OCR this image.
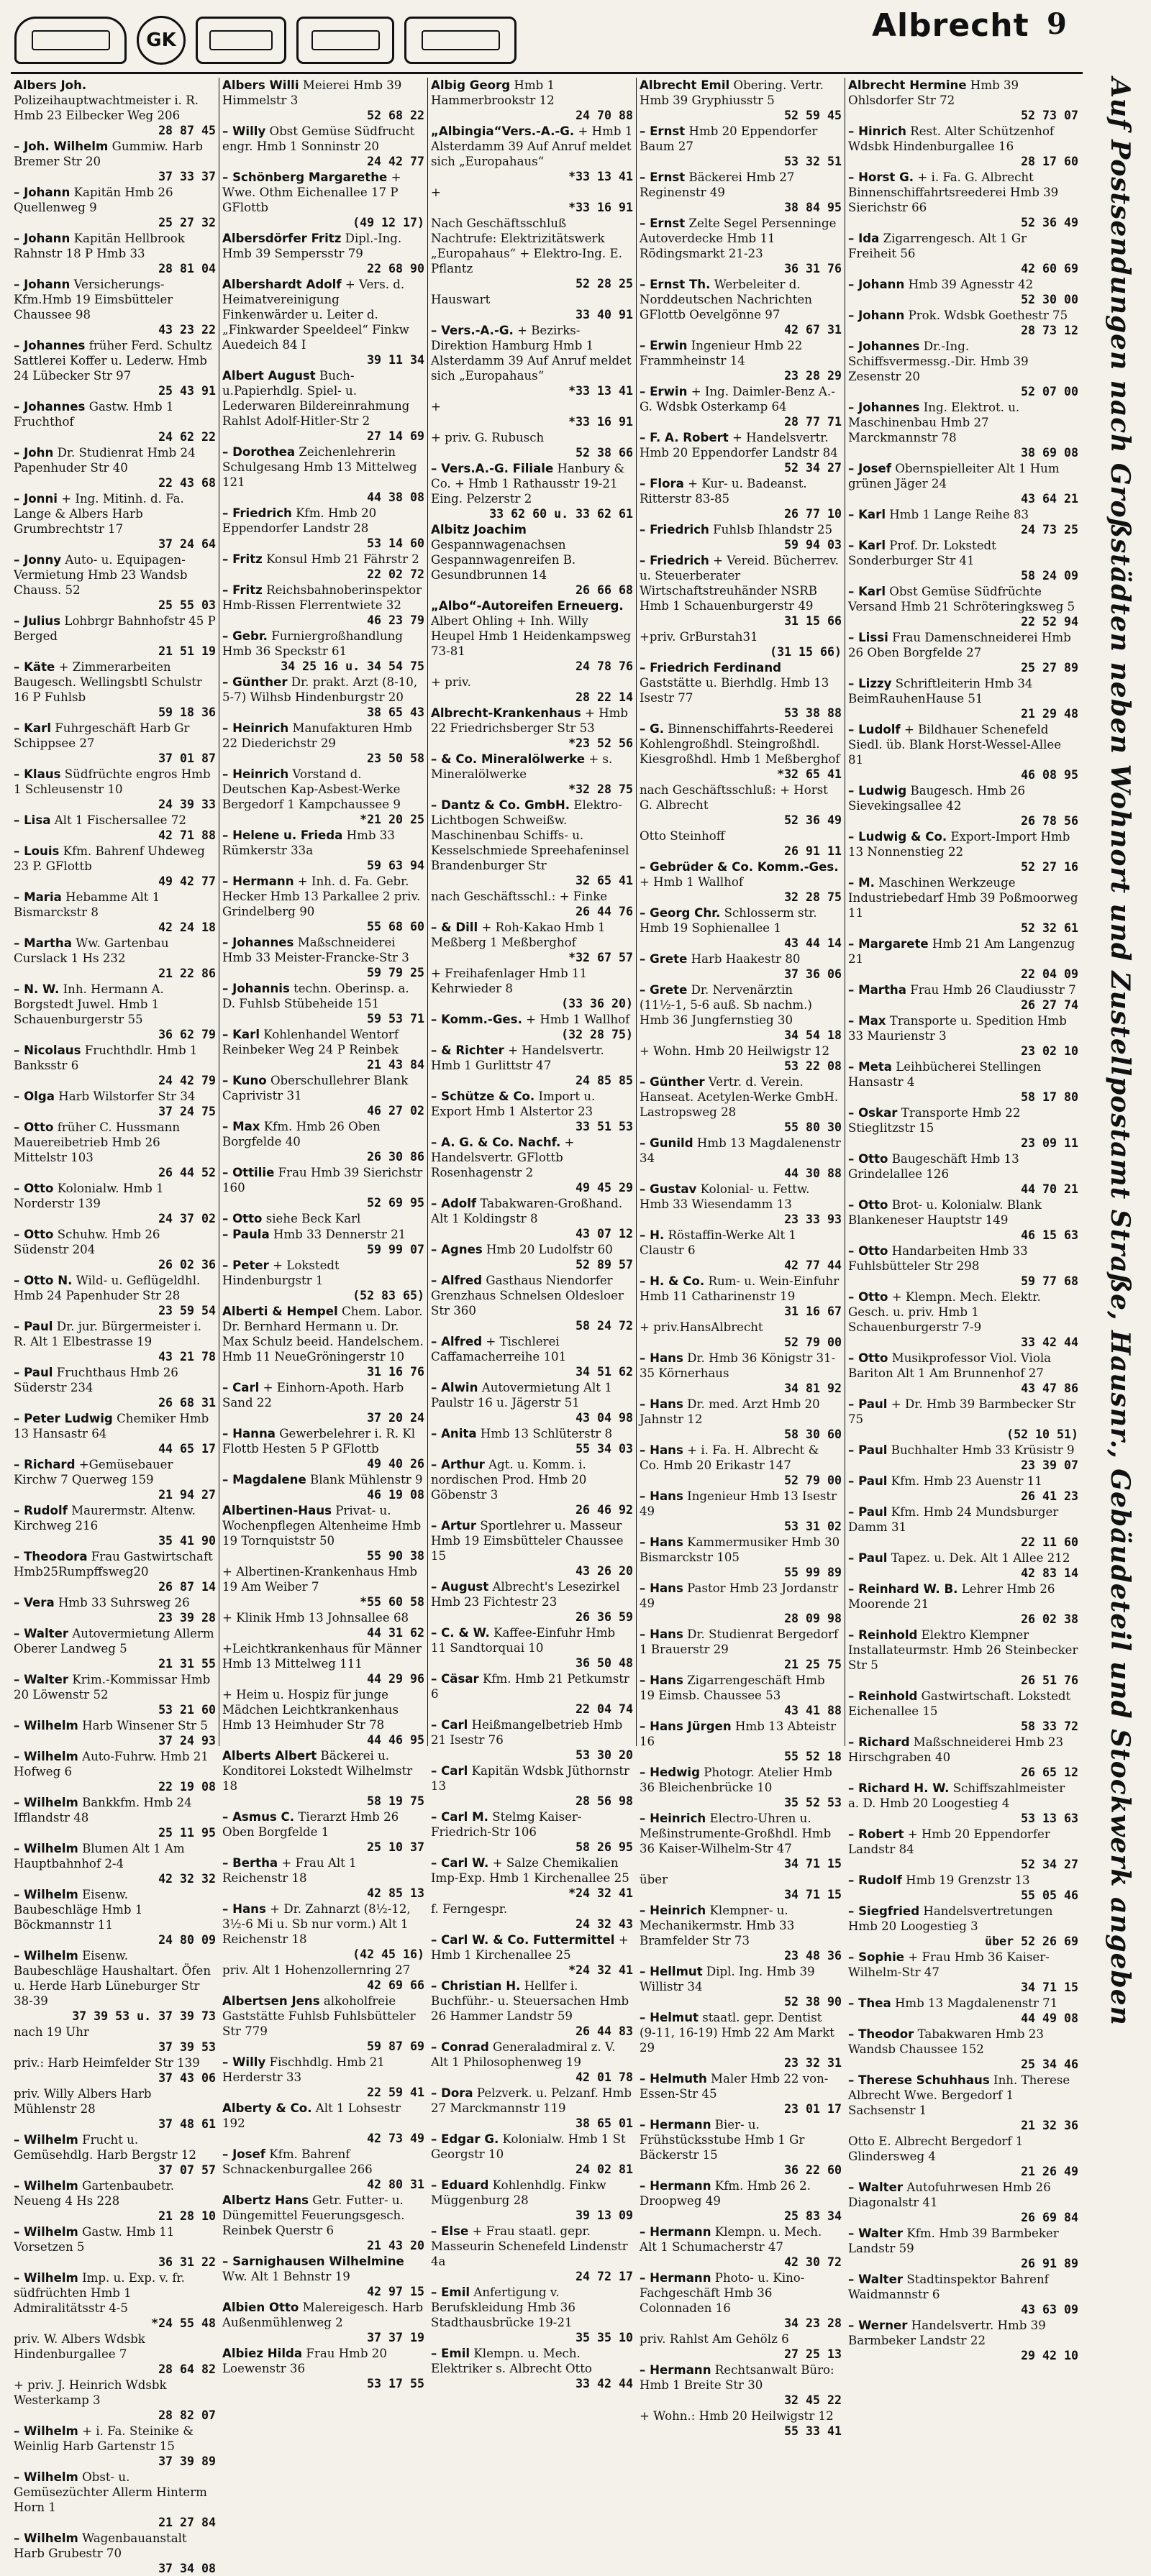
GK	Albrecht 9
Albers Joh. Polizeihauptwachtmeister i. R. Hmb 23 Eilbecker Weg 206
28 87 45
– Joh. Wilhelm Gummiw. Harb Bremer Str 20
37 33 37
– Johann Kapitän Hmb 26 Quellenweg 9
25 27 32
– Johann Kapitän Hellbrook Rahnstr 18 P Hmb 33
28 81 04
– Johann Versicherungs-Kfm.Hmb 19 Eimsbütteler Chaussee 98
43 23 22
– Johannes früher Ferd. Schultz Sattlerei Koffer u. Lederw. Hmb 24 Lübecker Str 97
25 43 91
– Johannes Gastw. Hmb 1 Fruchthof
24 62 22
– John Dr. Studienrat Hmb 24 Papenhuder Str 40
22 43 68
– Jonni + Ing. Mitinh. d. Fa. Lange & Albers Harb Grumbrechtstr 17
37 24 64
– Jonny Auto- u. Equipagen-Vermietung Hmb 23 Wandsb Chauss. 52
25 55 03
– Julius Lohbrgr Bahnhofstr 45 P Berged
21 51 19
– Käte + Zimmerarbeiten Baugesch. Wellingsbtl Schulstr 16 P Fuhlsb
59 18 36
– Karl Fuhrgeschäft Harb Gr Schippsee 27
37 01 87
– Klaus Südfrüchte engros Hmb 1 Schleusenstr 10
24 39 33
– Lisa Alt 1 Fischersallee 72
42 71 88
– Louis Kfm. Bahrenf Uhdeweg 23 P. GFlottb
49 42 77
– Maria Hebamme Alt 1 Bismarckstr 8
42 24 18
– Martha Ww. Gartenbau Curslack 1 Hs 232
21 22 86
– N. W. Inh. Hermann A. Borgstedt Juwel. Hmb 1 Schauenburgerstr 55
36 62 79
– Nicolaus Fruchthdlr. Hmb 1 Banksstr 6
24 42 79
– Olga Harb Wilstorfer Str 34
37 24 75
– Otto früher C. Hussmann Mauereibetrieb Hmb 26 Mittelstr 103
26 44 52
– Otto Kolonialw. Hmb 1 Norderstr 139
24 37 02
– Otto Schuhw. Hmb 26 Südenstr 204
26 02 36
– Otto N. Wild- u. Geflügeldhl. Hmb 24 Papenhuder Str 28
23 59 54
– Paul Dr. jur. Bürgermeister i. R. Alt 1 Elbestrasse 19
43 21 78
– Paul Fruchthaus Hmb 26 Süderstr 234
26 68 31
– Peter Ludwig Chemiker Hmb 13 Hansastr 64
44 65 17
– Richard +Gemüsebauer Kirchw 7 Querweg 159
21 94 27
– Rudolf Maurermstr. Altenw. Kirchweg 216
35 41 90
– Theodora Frau Gastwirtschaft Hmb25Rumpffsweg20
26 87 14
– Vera Hmb 33 Suhrsweg 26
23 39 28
– Walter Autovermietung Allerm Oberer Landweg 5
21 31 55
– Walter Krim.-Kommissar Hmb 20 Löwenstr 52
53 21 60
– Wilhelm Harb Winsener Str 5
37 24 93
– Wilhelm Auto-Fuhrw. Hmb 21 Hofweg 6
22 19 08
– Wilhelm Bankkfm. Hmb 24 Ifflandstr 48
25 11 95
– Wilhelm Blumen Alt 1 Am Hauptbahnhof 2-4
42 32 32
– Wilhelm Eisenw. Baubeschläge Hmb 1 Böckmannstr 11
24 80 09
– Wilhelm Eisenw. Baubeschläge Haushaltart. Öfen u. Herde Harb Lüneburger Str 38-39
37 39 53 u. 37 39 73
nach 19 Uhr
37 39 53
priv.: Harb Heimfelder Str 139
37 43 06
priv. Willy Albers Harb Mühlenstr 28
37 48 61
– Wilhelm Frucht u. Gemüsehdlg. Harb Bergstr 12
37 07 57
– Wilhelm Gartenbaubetr. Neueng 4 Hs 228
21 28 10
– Wilhelm Gastw. Hmb 11 Vorsetzen 5
36 31 22
– Wilhelm Imp. u. Exp. v. fr. südfrüchten Hmb 1 Admiralitätsstr 4-5
*24 55 48
priv. W. Albers Wdsbk Hindenburgallee 7
28 64 82
+ priv. J. Heinrich Wdsbk Westerkamp 3
28 82 07
– Wilhelm + i. Fa. Steinike & Weinlig Harb Gartenstr 15
37 39 89
– Wilhelm Obst- u. Gemüsezüchter Allerm Hinterm Horn 1
21 27 84
– Wilhelm Wagenbauanstalt Harb Grubestr 70
37 34 08
Albers Willi Meierei Hmb 39 Himmelstr 3
52 68 22
– Willy Obst Gemüse Südfrucht engr. Hmb 1 Sonninstr 20
24 42 77
– Schönberg Margarethe + Wwe. Othm Eichenallee 17 P GFlottb
(49 12 17)
Albersdörfer Fritz Dipl.-Ing. Hmb 39 Sempersstr 79
22 68 90
Albershardt Adolf + Vers. d. Heimatvereinigung Finkenwärder u. Leiter d. „Finkwarder Speeldeel“ Finkw Auedeich 84 I
39 11 34
Albert August Buch-u.Papierhdlg. Spiel- u. Lederwaren Bildereinrahmung Rahlst Adolf-Hitler-Str 2
27 14 69
– Dorothea Zeichenlehrerin Schulgesang Hmb 13 Mittelweg 121
44 38 08
– Friedrich Kfm. Hmb 20 Eppendorfer Landstr 28
53 14 60
– Fritz Konsul Hmb 21 Fährstr 2
22 02 72
– Fritz Reichsbahnoberinspektor Hmb-Rissen Flerrentwiete 32
46 23 79
– Gebr. Furniergroßhandlung Hmb 36 Speckstr 61
34 25 16 u. 34 54 75
– Günther Dr. prakt. Arzt (8-10, 5-7) Wilhsb Hindenburgstr 20
38 65 43
– Heinrich Manufakturen Hmb 22 Diederichstr 29
23 50 58
– Heinrich Vorstand d. Deutschen Kap-Asbest-Werke Bergedorf 1 Kampchaussee 9
*21 20 25
– Helene u. Frieda Hmb 33 Rümkerstr 33a
59 63 94
– Hermann + Inh. d. Fa. Gebr. Hecker Hmb 13 Parkallee 2 priv. Grindelberg 90
55 68 60
– Johannes Maßschneiderei Hmb 33 Meister-Francke-Str 3
59 79 25
– Johannis techn. Oberinsp. a. D. Fuhlsb Stübeheide 151
59 53 71
– Karl Kohlenhandel Wentorf Reinbeker Weg 24 P Reinbek
21 43 84
– Kuno Oberschullehrer Blank Caprivistr 31
46 27 02
– Max Kfm. Hmb 26 Oben Borgfelde 40
26 30 86
– Ottilie Frau Hmb 39 Sierichstr 160
52 69 95
– Otto siehe Beck Karl
– Paula Hmb 33 Dennerstr 21
59 99 07
– Peter + Lokstedt Hindenburgstr 1
(52 83 65)
Alberti & Hempel Chem. Labor. Dr. Bernhard Hermann u. Dr. Max Schulz beeid. Handelschem. Hmb 11 NeueGröningerstr 10
31 16 76
– Carl + Einhorn-Apoth. Harb Sand 22
37 20 24
– Hanna Gewerbelehrer i. R. Kl Flottb Hesten 5 P GFlottb
49 40 26
– Magdalene Blank Mühlenstr 9
46 19 08
Albertinen-Haus Privat- u. Wochenpflegen Altenheime Hmb 19 Tornquiststr 50
55 90 38
+ Albertinen-Krankenhaus Hmb 19 Am Weiber 7
*55 60 58
+ Klinik Hmb 13 Johnsallee 68
44 31 62
+Leichtkrankenhaus für Männer Hmb 13 Mittelweg 111
44 29 96
+ Heim u. Hospiz für junge Mädchen Leichtkrankenhaus Hmb 13 Heimhuder Str 78
44 46 95
Alberts Albert Bäckerei u. Konditorei Lokstedt Wilhelmstr 18
58 19 75
– Asmus C. Tierarzt Hmb 26 Oben Borgfelde 1
25 10 37
– Bertha + Frau Alt 1 Reichenstr 18
42 85 13
– Hans + Dr. Zahnarzt (8½-12, 3½-6 Mi u. Sb nur vorm.) Alt 1 Reichenstr 18
(42 45 16)
priv. Alt 1 Hohenzollernring 27
42 69 66
Albertsen Jens alkoholfreie Gaststätte Fuhlsb Fuhlsbütteler Str 779
59 87 69
– Willy Fischhdlg. Hmb 21 Herderstr 33
22 59 41
Alberty & Co. Alt 1 Lohsestr 192
42 73 49
– Josef Kfm. Bahrenf Schnackenburgallee 266
42 80 31
Albertz Hans Getr. Futter- u. Düngemittel Feuerungsgesch. Reinbek Querstr 6
21 43 20
– Sarnighausen Wilhelmine Ww. Alt 1 Behnstr 19
42 97 15
Albien Otto Malereigesch. Harb Außenmühlenweg 2
37 37 19
Albiez Hilda Frau Hmb 20 Loewenstr 36
53 17 55
Albig Georg Hmb 1 Hammerbrookstr 12
24 70 88
„Albingia“Vers.-A.-G. + Hmb 1 Alsterdamm 39 Auf Anruf meldet sich „Europahaus“
*33 13 41
+
*33 16 91
Nach Geschäftsschluß Nachtrufe: Elektrizitätswerk „Europahaus“ + Elektro-Ing. E. Pflantz
52 28 25
Hauswart
33 40 91
– Vers.-A.-G. + Bezirks-Direktion Hamburg Hmb 1 Alsterdamm 39 Auf Anruf meldet sich „Europahaus“
*33 13 41
+
*33 16 91
+ priv. G. Rubusch
52 38 66
– Vers.A.-G. Filiale Hanbury & Co. + Hmb 1 Rathausstr 19-21 Eing. Pelzerstr 2
33 62 60 u. 33 62 61
Albitz Joachim Gespannwagenachsen Gespannwagenreifen B. Gesundbrunnen 14
26 66 68
„Albo“-Autoreifen Erneuerg. Albert Ohling + Inh. Willy Heupel Hmb 1 Heidenkampsweg 73-81
24 78 76
+ priv.
28 22 14
Albrecht-Krankenhaus + Hmb 22 Friedrichsberger Str 53
*23 52 56
– & Co. Mineralölwerke + s. Mineralölwerke
*32 28 75
– Dantz & Co. GmbH. Elektro-Lichtbogen Schweißw. Maschinenbau Schiffs- u. Kesselschmiede Spreehafeninsel Brandenburger Str
32 65 41
nach Geschäftsschl.: + Finke
26 44 76
– & Dill + Roh-Kakao Hmb 1 Meßberg 1 Meßberghof
*32 67 57
+ Freihafenlager Hmb 11 Kehrwieder 8
(33 36 20)
– Komm.-Ges. + Hmb 1 Wallhof
(32 28 75)
– & Richter + Handelsvertr. Hmb 1 Gurlittstr 47
24 85 85
– Schütze & Co. Import u. Export Hmb 1 Alstertor 23
33 51 53
– A. G. & Co. Nachf. + Handelsvertr. GFlottb Rosenhagenstr 2
49 45 29
– Adolf Tabakwaren-Großhand. Alt 1 Koldingstr 8
43 07 12
– Agnes Hmb 20 Ludolfstr 60
52 89 57
– Alfred Gasthaus Niendorfer Grenzhaus Schnelsen Oldesloer Str 360
58 24 72
– Alfred + Tischlerei Caffamacherreihe 101
34 51 62
– Alwin Autovermietung Alt 1 Paulstr 16 u. Jägerstr 51
43 04 98
– Anita Hmb 13 Schlüterstr 8
55 34 03
– Arthur Agt. u. Komm. i. nordischen Prod. Hmb 20 Göbenstr 3
26 46 92
– Artur Sportlehrer u. Masseur Hmb 19 Eimsbütteler Chaussee 15
43 26 20
– August Albrecht's Lesezirkel Hmb 23 Fichtestr 23
26 36 59
– C. & W. Kaffee-Einfuhr Hmb 11 Sandtorquai 10
36 50 48
– Cäsar Kfm. Hmb 21 Petkumstr 6
22 04 74
– Carl Heißmangelbetrieb Hmb 21 Isestr 76
53 30 20
– Carl Kapitän Wdsbk Jüthornstr 13
28 56 98
– Carl M. Stelmg Kaiser-Friedrich-Str 106
58 26 95
– Carl W. + Salze Chemikalien Imp-Exp. Hmb 1 Kirchenallee 25
*24 32 41
f. Ferngespr.
24 32 43
– Carl W. & Co. Futtermittel + Hmb 1 Kirchenallee 25
*24 32 41
– Christian H. Hellfer i. Buchführ.- u. Steuersachen Hmb 26 Hammer Landstr 59
26 44 83
– Conrad Generaladmiral z. V. Alt 1 Philosophenweg 19
42 01 78
– Dora Pelzverk. u. Pelzanf. Hmb 27 Marckmannstr 119
38 65 01
– Edgar G. Kolonialw. Hmb 1 St Georgstr 10
24 02 81
– Eduard Kohlenhdlg. Finkw Müggenburg 28
39 13 09
– Else + Frau staatl. gepr. Masseurin Schenefeld Lindenstr 4a
24 72 17
– Emil Anfertigung v. Berufskleidung Hmb 36 Stadthausbrücke 19-21
35 35 10
– Emil Klempn. u. Mech. Elektriker s. Albrecht Otto
33 42 44
Albrecht Emil Obering. Vertr. Hmb 39 Gryphiusstr 5
52 59 45
– Ernst Hmb 20 Eppendorfer Baum 27
53 32 51
– Ernst Bäckerei Hmb 27 Reginenstr 49
38 84 95
– Ernst Zelte Segel Persenninge Autoverdecke Hmb 11 Rödingsmarkt 21-23
36 31 76
– Ernst Th. Werbeleiter d. Norddeutschen Nachrichten GFlottb Oevelgönne 97
42 67 31
– Erwin Ingenieur Hmb 22 Frammheinstr 14
23 28 29
– Erwin + Ing. Daimler-Benz A.-G. Wdsbk Osterkamp 64
28 77 71
– F. A. Robert + Handelsvertr. Hmb 20 Eppendorfer Landstr 84
52 34 27
– Flora + Kur- u. Badeanst. Ritterstr 83-85
26 77 10
– Friedrich Fuhlsb Ihlandstr 25
59 94 03
– Friedrich + Vereid. Bücherrev. u. Steuerberater Wirtschaftstreuhänder NSRB Hmb 1 Schauenburgerstr 49
31 15 66
+priv. GrBurstah31
(31 15 66)
– Friedrich Ferdinand Gaststätte u. Bierhdlg. Hmb 13 Isestr 77
53 38 88
– G. Binnenschiffahrts-Reederei Kohlengroßhdl. Steingroßhdl. Kiesgroßhdl. Hmb 1 Meßberghof
*32 65 41
nach Geschäftsschluß: + Horst G. Albrecht
52 36 49
Otto Steinhoff
26 91 11
– Gebrüder & Co. Komm.-Ges. + Hmb 1 Wallhof
32 28 75
– Georg Chr. Schlosserm str. Hmb 19 Sophienallee 1
43 44 14
– Grete Harb Haakestr 80
37 36 06
– Grete Dr. Nervenärztin (11½-1, 5-6 auß. Sb nachm.) Hmb 36 Jungfernstieg 30
34 54 18
+ Wohn. Hmb 20 Heilwigstr 12
53 22 08
– Günther Vertr. d. Verein. Hanseat. Acetylen-Werke GmbH. Lastropsweg 28
55 80 30
– Gunild Hmb 13 Magdalenenstr 34
44 30 88
– Gustav Kolonial- u. Fettw. Hmb 33 Wiesendamm 13
23 33 93
– H. Röstaffin-Werke Alt 1 Claustr 6
42 77 44
– H. & Co. Rum- u. Wein-Einfuhr Hmb 11 Catharinenstr 19
31 16 67
+ priv.HansAlbrecht
52 79 00
– Hans Dr. Hmb 36 Königstr 31-35 Körnerhaus
34 81 92
– Hans Dr. med. Arzt Hmb 20 Jahnstr 12
58 30 60
– Hans + i. Fa. H. Albrecht & Co. Hmb 20 Erikastr 147
52 79 00
– Hans Ingenieur Hmb 13 Isestr 49
53 31 02
– Hans Kammermusiker Hmb 30 Bismarckstr 105
55 99 89
– Hans Pastor Hmb 23 Jordanstr 49
28 09 98
– Hans Dr. Studienrat Bergedorf 1 Brauerstr 29
21 25 75
– Hans Zigarrengeschäft Hmb 19 Eimsb. Chaussee 53
43 41 88
– Hans Jürgen Hmb 13 Abteistr 16
55 52 18
– Hedwig Photogr. Atelier Hmb 36 Bleichenbrücke 10
35 52 53
– Heinrich Electro-Uhren u. Meßinstrumente-Großhdl. Hmb 36 Kaiser-Wilhelm-Str 47
34 71 15
über
34 71 15
– Heinrich Klempner- u. Mechanikermstr. Hmb 33 Bramfelder Str 73
23 48 36
– Hellmut Dipl. Ing. Hmb 39 Willistr 34
52 38 90
– Helmut staatl. gepr. Dentist (9-11, 16-19) Hmb 22 Am Markt 29
23 32 31
– Helmuth Maler Hmb 22 von-Essen-Str 45
23 01 17
– Hermann Bier- u. Frühstücksstube Hmb 1 Gr Bäckerstr 15
36 22 60
– Hermann Kfm. Hmb 26 2. Droopweg 49
25 83 34
– Hermann Klempn. u. Mech. Alt 1 Schumacherstr 47
42 30 72
– Hermann Photo- u. Kino-Fachgeschäft Hmb 36 Colonnaden 16
34 23 28
priv. Rahlst Am Gehölz 6
27 25 13
– Hermann Rechtsanwalt Büro: Hmb 1 Breite Str 30
32 45 22
+ Wohn.: Hmb 20 Heilwigstr 12
55 33 41
Albrecht Hermine Hmb 39 Ohlsdorfer Str 72
52 73 07
– Hinrich Rest. Alter Schützenhof Wdsbk Hindenburgallee 16
28 17 60
– Horst G. + i. Fa. G. Albrecht Binnenschiffahrtsreederei Hmb 39 Sierichstr 66
52 36 49
– Ida Zigarrengesch. Alt 1 Gr Freiheit 56
42 60 69
– Johann Hmb 39 Agnesstr 42
52 30 00
– Johann Prok. Wdsbk Goethestr 75
28 73 12
– Johannes Dr.-Ing. Schiffsvermessg.-Dir. Hmb 39 Zesenstr 20
52 07 00
– Johannes Ing. Elektrot. u. Maschinenbau Hmb 27 Marckmannstr 78
38 69 08
– Josef Obernspielleiter Alt 1 Hum grünen Jäger 24
43 64 21
– Karl Hmb 1 Lange Reihe 83
24 73 25
– Karl Prof. Dr. Lokstedt Sonderburger Str 41
58 24 09
– Karl Obst Gemüse Südfrüchte Versand Hmb 21 Schröteringksweg 5
22 52 94
– Lissi Frau Damenschneiderei Hmb 26 Oben Borgfelde 27
25 27 89
– Lizzy Schriftleiterin Hmb 34 BeimRauhenHause 51
21 29 48
– Ludolf + Bildhauer Schenefeld Siedl. üb. Blank Horst-Wessel-Allee 81
46 08 95
– Ludwig Baugesch. Hmb 26 Sievekingsallee 42
26 78 56
– Ludwig & Co. Export-Import Hmb 13 Nonnenstieg 22
52 27 16
– M. Maschinen Werkzeuge Industriebedarf Hmb 39 Poßmoorweg 11
52 32 61
– Margarete Hmb 21 Am Langenzug 21
22 04 09
– Martha Frau Hmb 26 Claudiusstr 7
26 27 74
– Max Transporte u. Spedition Hmb 33 Maurienstr 3
23 02 10
– Meta Leihbücherei Stellingen Hansastr 4
58 17 80
– Oskar Transporte Hmb 22 Stieglitzstr 15
23 09 11
– Otto Baugeschäft Hmb 13 Grindelallee 126
44 70 21
– Otto Brot- u. Kolonialw. Blank Blankeneser Hauptstr 149
46 15 63
– Otto Handarbeiten Hmb 33 Fuhlsbütteler Str 298
59 77 68
– Otto + Klempn. Mech. Elektr. Gesch. u. priv. Hmb 1 Schauenburgerstr 7-9
33 42 44
– Otto Musikprofessor Viol. Viola Bariton Alt 1 Am Brunnenhof 27
43 47 86
– Paul + Dr. Hmb 39 Barmbecker Str 75
(52 10 51)
– Paul Buchhalter Hmb 33 Krüsistr 9
23 39 07
– Paul Kfm. Hmb 23 Auenstr 11
26 41 23
– Paul Kfm. Hmb 24 Mundsburger Damm 31
22 11 60
– Paul Tapez. u. Dek. Alt 1 Allee 212
42 83 14
– Reinhard W. B. Lehrer Hmb 26 Moorende 21
26 02 38
– Reinhold Elektro Klempner Installateurmstr. Hmb 26 Steinbecker Str 5
26 51 76
– Reinhold Gastwirtschaft. Lokstedt Eichenallee 15
58 33 72
– Richard Maßschneiderei Hmb 23 Hirschgraben 40
26 65 12
– Richard H. W. Schiffszahlmeister a. D. Hmb 20 Loogestieg 4
53 13 63
– Robert + Hmb 20 Eppendorfer Landstr 84
52 34 27
– Rudolf Hmb 19 Grenzstr 13
55 05 46
– Siegfried Handelsvertretungen Hmb 20 Loogestieg 3
über 52 26 69
– Sophie + Frau Hmb 36 Kaiser-Wilhelm-Str 47
34 71 15
– Thea Hmb 13 Magdalenenstr 71
44 49 08
– Theodor Tabakwaren Hmb 23 Wandsb Chaussee 152
25 34 46
– Therese Schuhhaus Inh. Therese Albrecht Wwe. Bergedorf 1 Sachsenstr 1
21 32 36
Otto E. Albrecht Bergedorf 1 Glindersweg 4
21 26 49
– Walter Autofuhrwesen Hmb 26 Diagonalstr 41
26 69 84
– Walter Kfm. Hmb 39 Barmbeker Landstr 59
26 91 89
– Walter Stadtinspektor Bahrenf Waidmannstr 6
43 63 09
– Werner Handelsvertr. Hmb 39 Barmbeker Landstr 22
29 42 10
Auf Postsendungen nach Großstädten neben Wohnort und Zustellpostamt Straße, Hausnr., Gebäudeteil und Stockwerk angeben
